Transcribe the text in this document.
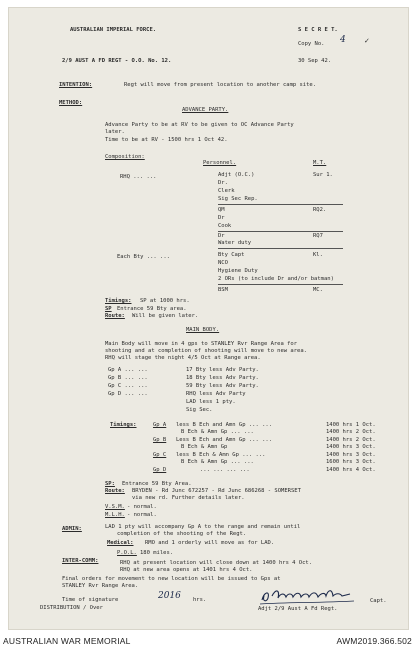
AUSTRALIAN IMPERIAL FORCE.	S E C R E T.
Copy No. 4	✓
2/9 AUST A FD REGT - O.O. No. 12.	30 Sep 42.
INTENTION:	Regt will move from present location to another camp site.
METHOD:
ADVANCE PARTY.
Advance Party to be at RV to be given to OC Advance Party
later.
Time to be at RV - 1500 hrs 1 Oct 42.
Composition:
Personnel.	M.T.
RHQ ... ...	Adjt (O.C.)	Sur 1.
Dr.
Clerk
Sig Sec Rep.
QM	RQ2.
Dr
Cook
Dr	RQ7
Water duty
Each Bty ... ...	Bty Capt	Kl.
NCO
Hygiene Duty
2 ORs (to include Dr and/or batman)
BSM	MC.
Timings: SP at 1000 hrs.
SP Entrance 59 Bty area.
Route: Will be given later.
MAIN BODY.
Main Body will move in 4 gps to STANLEY Rvr Range Area for
shooting and at completion of shooting will move to new area.
RHQ will stage the night 4/5 Oct at Range area.
Gp A ... ...	17 Bty less Adv Party.
Gp B ... ...	18 Bty less Adv Party.
Gp C ... ...	59 Bty less Adv Party.
Gp D ... ...	RHQ less Adv Party
LAD less 1 pty.
Sig Sec.
Timings:	Gp A less B Ech and Amn Gp ... ...	1400 hrs 1 Oct.
B Ech & Amn Gp ... ...	1400 hrs 2 Oct.
Gp B Less B Ech and Amn Gp ... ...	1400 hrs 2 Oct.
B Ech & Amn Gp	1400 hrs 3 Oct.
Gp C less B Ech & Amn Gp ... ...	1400 hrs 3 Oct.
B Ech & Amn Gp ... ...	1600 hrs 3 Oct.
Gp D	... ... ... ...	1400 hrs 4 Oct.
SP: Entrance 59 Bty Area.
Route: BRYDEN - Rd Junc 672257 - Rd Junc 686268 - SOMERSET
via new rd. Further details later.
V.S.M. - normal.
M.L.H. - normal.
ADMIN:	LAD 1 pty will accompany Gp A to the range and remain until
completion of the shooting of the Regt.
Medical: RMO and 1 orderly will move as for LAD.
P.O.L. 180 miles.
INTER-COMM:	RHQ at present location will close down at 1400 hrs 4 Oct.
RHQ at new area opens at 1401 hrs 4 Oct.
Final orders for movement to new location will be issued to Gps at
STANLEY Rvr Range Area.
Time of signature	2016 hrs.
DISTRIBUTION / Over
Capt.
Adjt 2/9 Aust A Fd Regt.
AUSTRALIAN WAR MEMORIAL	AWM2019.366.502
